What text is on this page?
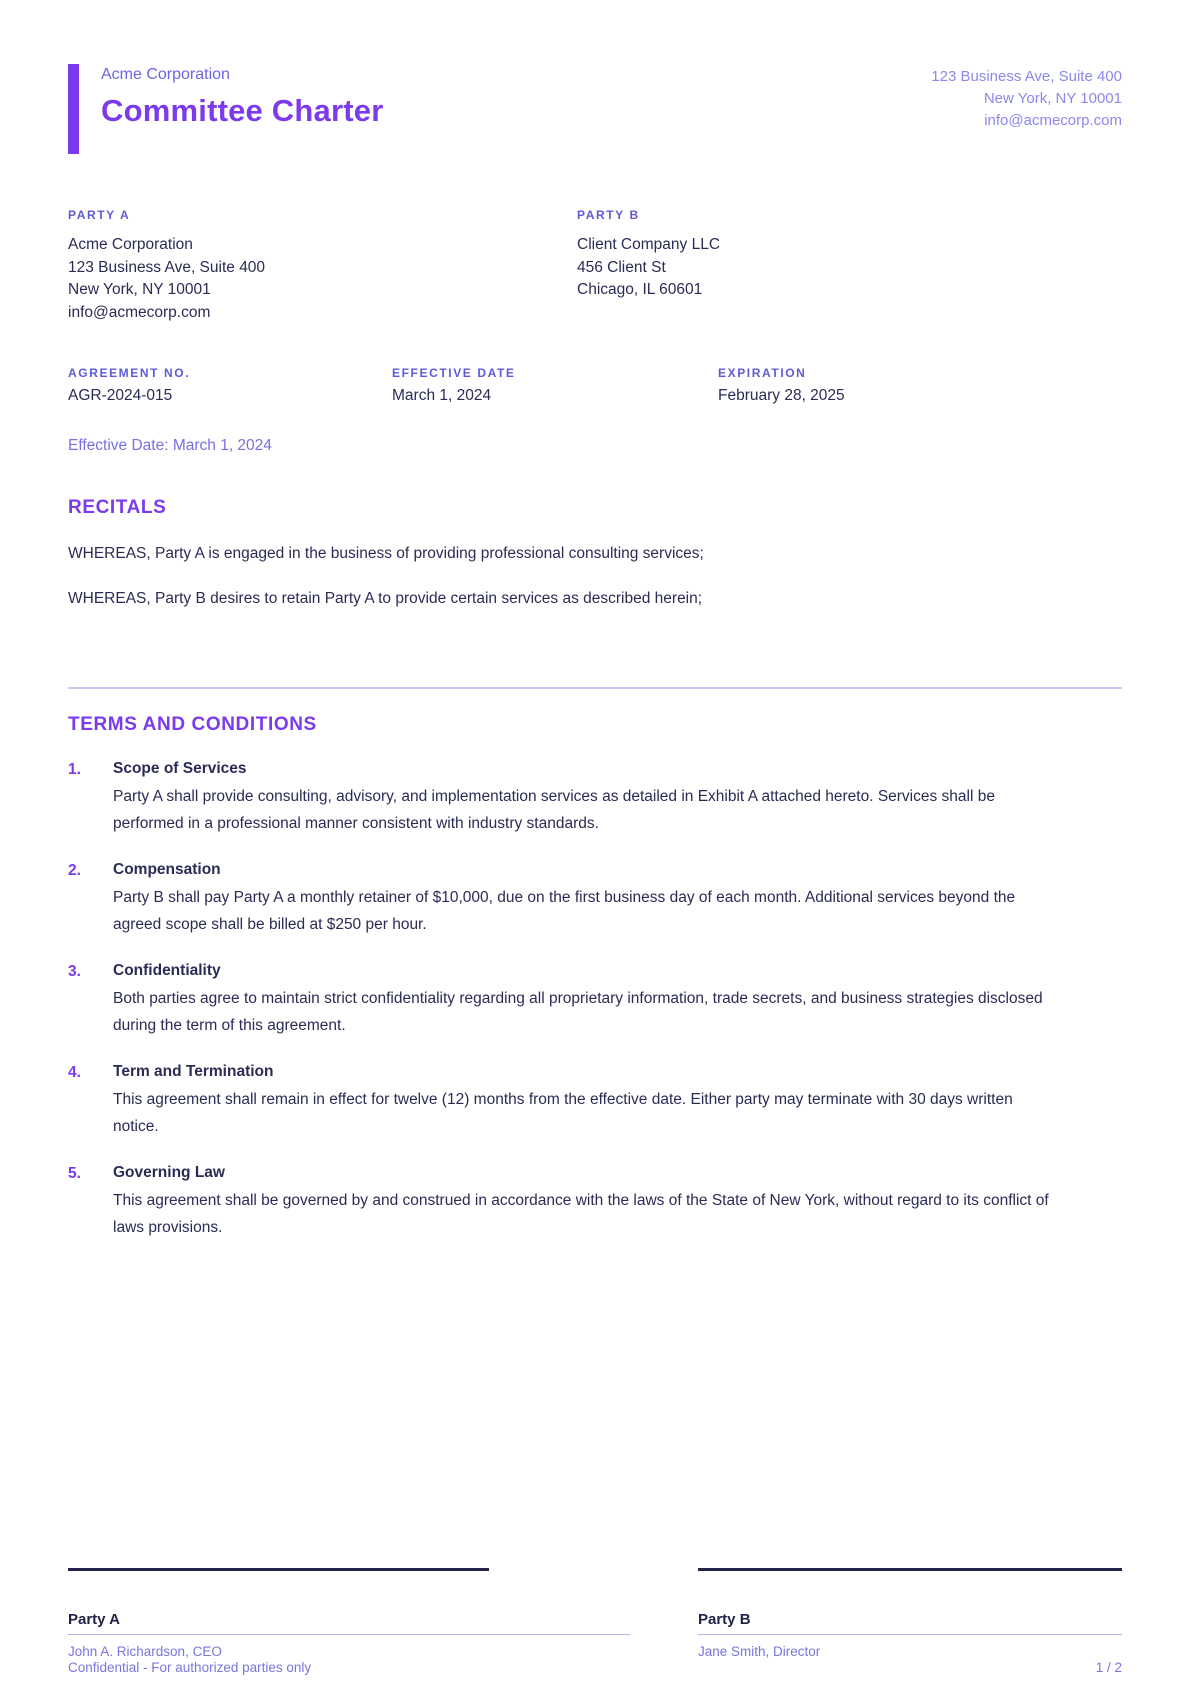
Acme Corporation
Committee Charter
123 Business Ave, Suite 400
New York, NY 10001
info@acmecorp.com
PARTY A
Acme Corporation
123 Business Ave, Suite 400
New York, NY 10001
info@acmecorp.com
PARTY B
Client Company LLC
456 Client St
Chicago, IL 60601
AGREEMENT NO.
AGR-2024-015
EFFECTIVE DATE
March 1, 2024
EXPIRATION
February 28, 2025
Effective Date: March 1, 2024
RECITALS

WHEREAS, Party A is engaged in the business of providing professional consulting services;

WHEREAS, Party B desires to retain Party A to provide certain services as described herein;

TERMS AND CONDITIONS
1.	Scope of Services
Party A shall provide consulting, advisory, and implementation services as detailed in Exhibit A attached hereto. Services shall be performed in a professional manner consistent with industry standards.
2.	Compensation
Party B shall pay Party A a monthly retainer of $10,000, due on the first business day of each month. Additional services beyond the agreed scope shall be billed at $250 per hour.
3.	Confidentiality
Both parties agree to maintain strict confidentiality regarding all proprietary information, trade secrets, and business strategies disclosed during the term of this agreement.
4.	Term and Termination
This agreement shall remain in effect for twelve (12) months from the effective date. Either party may terminate with 30 days written notice.
5.	Governing Law
This agreement shall be governed by and construed in accordance with the laws of the State of New York, without regard to its conflict of laws provisions.
Party A
John A. Richardson, CEO
Confidential - For authorized parties only
Party B
Jane Smith, Director
1 / 2
